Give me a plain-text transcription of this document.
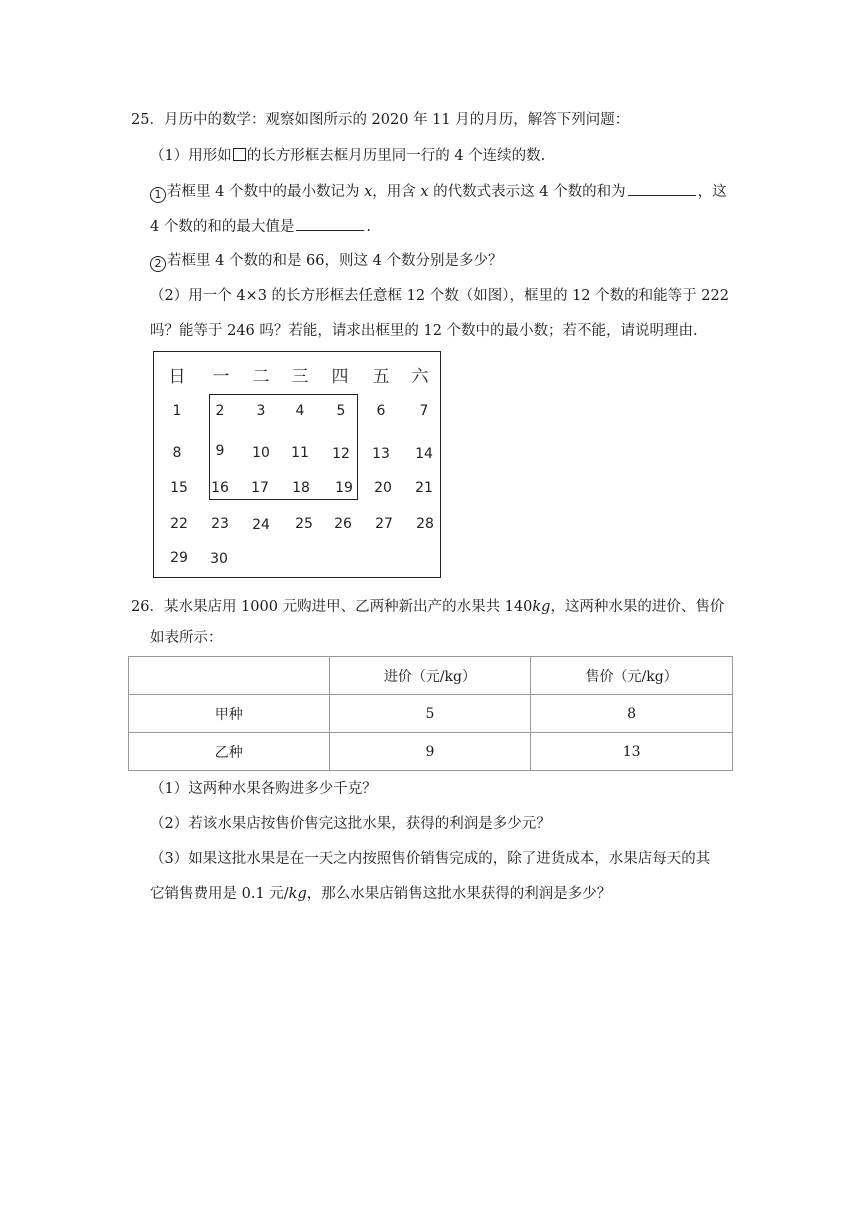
25．月历中的数学：观察如图所示的 2020 年 11 月的月历，解答下列问题：
（1）用形如 的长方形框去框月历里同一行的 4 个连续的数.
1 若框里 4 个数中的最小数记为 x，用含 x 的代数式表示这 4 个数的和为	，这
4 个数的和的最大值是	.
2 若框里 4 个数的和是 66，则这 4 个数分别是多少？
（2）用一个 4×3 的长方形框去任意框 12 个数（如图），框里的 12 个数的和能等于 222
吗？能等于 246 吗？若能，请求出框里的 12 个数中的最小数；若不能，请说明理由.
日	一	二	三	四	五	六
1	2	3	4	5	6	7
8	9	10	11	12	13	14
15	16	17	18	19	20	21
22	23	24	25	26	27	28
29	30
26．某水果店用 1000 元购进甲、乙两种新出产的水果共 140kg，这两种水果的进价、售价
如表所示：
	进价（元/kg）	售价（元/kg）
甲种	5	8
乙种	9	13
（1）这两种水果各购进多少千克？
（2）若该水果店按售价售完这批水果，获得的利润是多少元？
（3）如果这批水果是在一天之内按照售价销售完成的，除了进货成本，水果店每天的其
它销售费用是 0.1 元/kg，那么水果店销售这批水果获得的利润是多少？
